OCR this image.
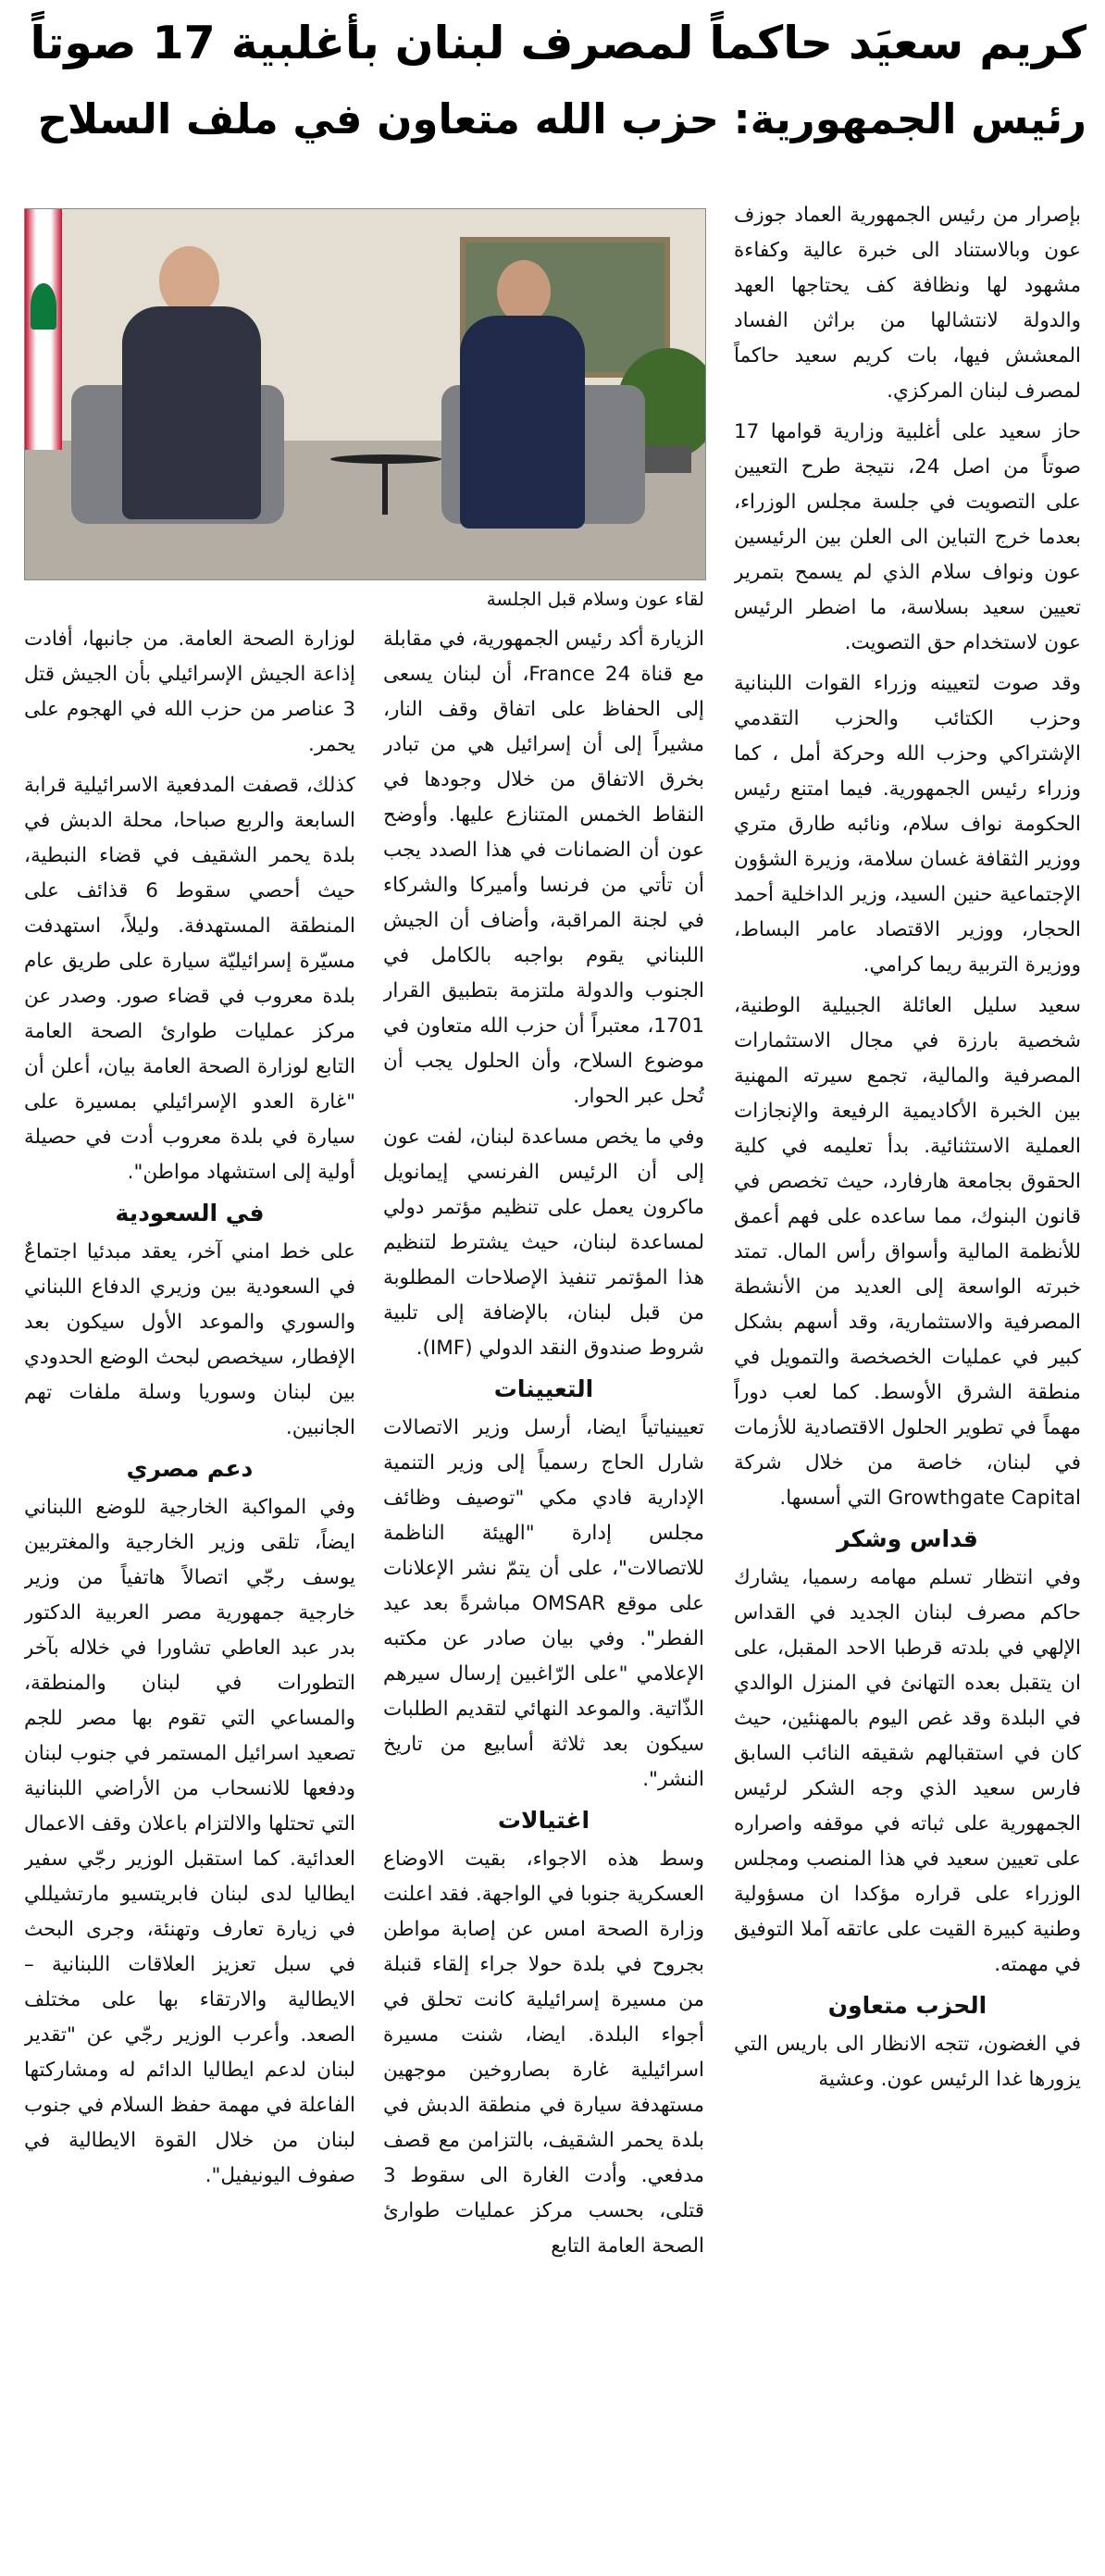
كريم سعيَد حاكماً لمصرف لبنان بأغلبية 17 صوتاً
رئيس الجمهورية: حزب الله متعاون في ملف السلاح

بإصرار من رئيس الجمهورية العماد جوزف عون وبالاستناد الى خبرة عالية وكفاءة مشهود لها ونظافة كف يحتاجها العهد والدولة لانتشالها من براثن الفساد المعشش فيها، بات كريم سعيد حاكماً لمصرف لبنان المركزي.

حاز سعيد على أغلبية وزارية قوامها 17 صوتاً من اصل 24، نتيجة طرح التعيين على التصويت في جلسة مجلس الوزراء، بعدما خرج التباين الى العلن بين الرئيسين عون ونواف سلام الذي لم يسمح بتمرير تعيين سعيد بسلاسة، ما اضطر الرئيس عون لاستخدام حق التصويت.

وقد صوت لتعيينه وزراء القوات اللبنانية وحزب الكتائب والحزب التقدمي الإشتراكي وحزب الله وحركة أمل ، كما وزراء رئيس الجمهورية. فيما امتنع رئيس الحكومة نواف سلام، ونائبه طارق متري ووزير الثقافة غسان سلامة، وزيرة الشؤون الإجتماعية حنين السيد، وزير الداخلية أحمد الحجار، ووزير الاقتصاد عامر البساط، ووزيرة التربية ريما كرامي.

سعيد سليل العائلة الجبيلية الوطنية، شخصية بارزة في مجال الاستثمارات المصرفية والمالية، تجمع سيرته المهنية بين الخبرة الأكاديمية الرفيعة والإنجازات العملية الاستثنائية. بدأ تعليمه في كلية الحقوق بجامعة هارفارد، حيث تخصص في قانون البنوك، مما ساعده على فهم أعمق للأنظمة المالية وأسواق رأس المال. تمتد خبرته الواسعة إلى العديد من الأنشطة المصرفية والاستثمارية، وقد أسهم بشكل كبير في عمليات الخصخصة والتمويل في منطقة الشرق الأوسط. كما لعب دوراً مهماً في تطوير الحلول الاقتصادية للأزمات في لبنان، خاصة من خلال شركة Growthgate Capital التي أسسها.

قداس وشكر

وفي انتظار تسلم مهامه رسميا، يشارك حاكم مصرف لبنان الجديد في القداس الإلهي في بلدته قرطبا الاحد المقبل، على ان يتقبل بعده التهانئ في المنزل الوالدي في البلدة وقد غص اليوم بالمهنئين، حيث كان في استقبالهم شقيقه النائب السابق فارس سعيد الذي وجه الشكر لرئيس الجمهورية على ثباته في موقفه واصراره على تعيين سعيد في هذا المنصب ومجلس الوزراء على قراره مؤكدا ان مسؤولية وطنية كبيرة القيت على عاتقه آملا التوفيق في مهمته.

الحزب متعاون

في الغضون، تتجه الانظار الى باريس التي يزورها غدا الرئيس عون. وعشية

لقاء عون وسلام قبل الجلسة

الزيارة أكد رئيس الجمهورية، في مقابلة مع قناة France 24، أن لبنان يسعى إلى الحفاظ على اتفاق وقف النار، مشيراً إلى أن إسرائيل هي من تبادر بخرق الاتفاق من خلال وجودها في النقاط الخمس المتنازع عليها. وأوضح عون أن الضمانات في هذا الصدد يجب أن تأتي من فرنسا وأميركا والشركاء في لجنة المراقبة، وأضاف أن الجيش اللبناني يقوم بواجبه بالكامل في الجنوب والدولة ملتزمة بتطبيق القرار 1701، معتبراً أن حزب الله متعاون في موضوع السلاح، وأن الحلول يجب أن تُحل عبر الحوار.

وفي ما يخص مساعدة لبنان، لفت عون إلى أن الرئيس الفرنسي إيمانويل ماكرون يعمل على تنظيم مؤتمر دولي لمساعدة لبنان، حيث يشترط لتنظيم هذا المؤتمر تنفيذ الإصلاحات المطلوبة من قبل لبنان، بالإضافة إلى تلبية شروط صندوق النقد الدولي (IMF).

التعيينات

تعيينياتياً ايضا، أرسل وزير الاتصالات شارل الحاج رسمياً إلى وزير التنمية الإدارية فادي مكي "توصيف وظائف مجلس إدارة "الهيئة الناظمة للاتصالات"، على أن يتمّ نشر الإعلانات على موقع OMSAR مباشرةً بعد عيد الفطر". وفي بيان صادر عن مكتبه الإعلامي "على الرّاغبين إرسال سيرهم الذّاتية. والموعد النهائي لتقديم الطلبات سيكون بعد ثلاثة أسابيع من تاريخ النشر".

اغتيالات

وسط هذه الاجواء، بقيت الاوضاع العسكرية جنوبا في الواجهة. فقد اعلنت وزارة الصحة امس عن إصابة مواطن بجروح في بلدة حولا جراء إلقاء قنبلة من مسيرة إسرائيلية كانت تحلق في أجواء البلدة. ايضا، شنت مسيرة اسرائيلية غارة بصاروخين موجهين مستهدفة سيارة في منطقة الدبش في بلدة يحمر الشقيف، بالتزامن مع قصف مدفعي. وأدت الغارة الى سقوط 3 قتلى، بحسب مركز عمليات طوارئ الصحة العامة التابع

لوزارة الصحة العامة. من جانبها، أفادت إذاعة الجيش الإسرائيلي بأن الجيش قتل 3 عناصر من حزب الله في الهجوم على يحمر.

كذلك، قصفت المدفعية الاسرائيلية قرابة السابعة والربع صباحا، محلة الدبش في بلدة يحمر الشقيف في قضاء النبطية، حيث أحصي سقوط 6 قذائف على المنطقة المستهدفة. وليلاً، استهدفت مسيّرة إسرائيليّة سيارة على طريق عام بلدة معروب في قضاء صور. وصدر عن مركز عمليات طوارئ الصحة العامة التابع لوزارة الصحة العامة بيان، أعلن أن "غارة العدو الإسرائيلي بمسيرة على سيارة في بلدة معروب أدت في حصيلة أولية إلى استشهاد مواطن".

في السعودية

على خط امني آخر، يعقد مبدئيا اجتماعٌ في السعودية بين وزيري الدفاع اللبناني والسوري والموعد الأول سيكون بعد الإفطار، سيخصص لبحث الوضع الحدودي بين لبنان وسوريا وسلة ملفات تهم الجانبين.

دعم مصري

وفي المواكبة الخارجية للوضع اللبناني ايضاً، تلقى وزير الخارجية والمغتربين يوسف رجّي اتصالاً هاتفياً من وزير خارجية جمهورية مصر العربية الدكتور بدر عبد العاطي تشاورا في خلاله بآخر التطورات في لبنان والمنطقة، والمساعي التي تقوم بها مصر للجم تصعيد اسرائيل المستمر في جنوب لبنان ودفعها للانسحاب من الأراضي اللبنانية التي تحتلها والالتزام باعلان وقف الاعمال العدائية. كما استقبل الوزير رجّي سفير ايطاليا لدى لبنان فابريتسيو مارتشيللي في زيارة تعارف وتهنئة، وجرى البحث في سبل تعزيز العلاقات اللبنانية – الايطالية والارتقاء بها على مختلف الصعد. وأعرب الوزير رجّي عن "تقدير لبنان لدعم ايطاليا الدائم له ومشاركتها الفاعلة في مهمة حفظ السلام في جنوب لبنان من خلال القوة الايطالية في صفوف اليونيفيل".
